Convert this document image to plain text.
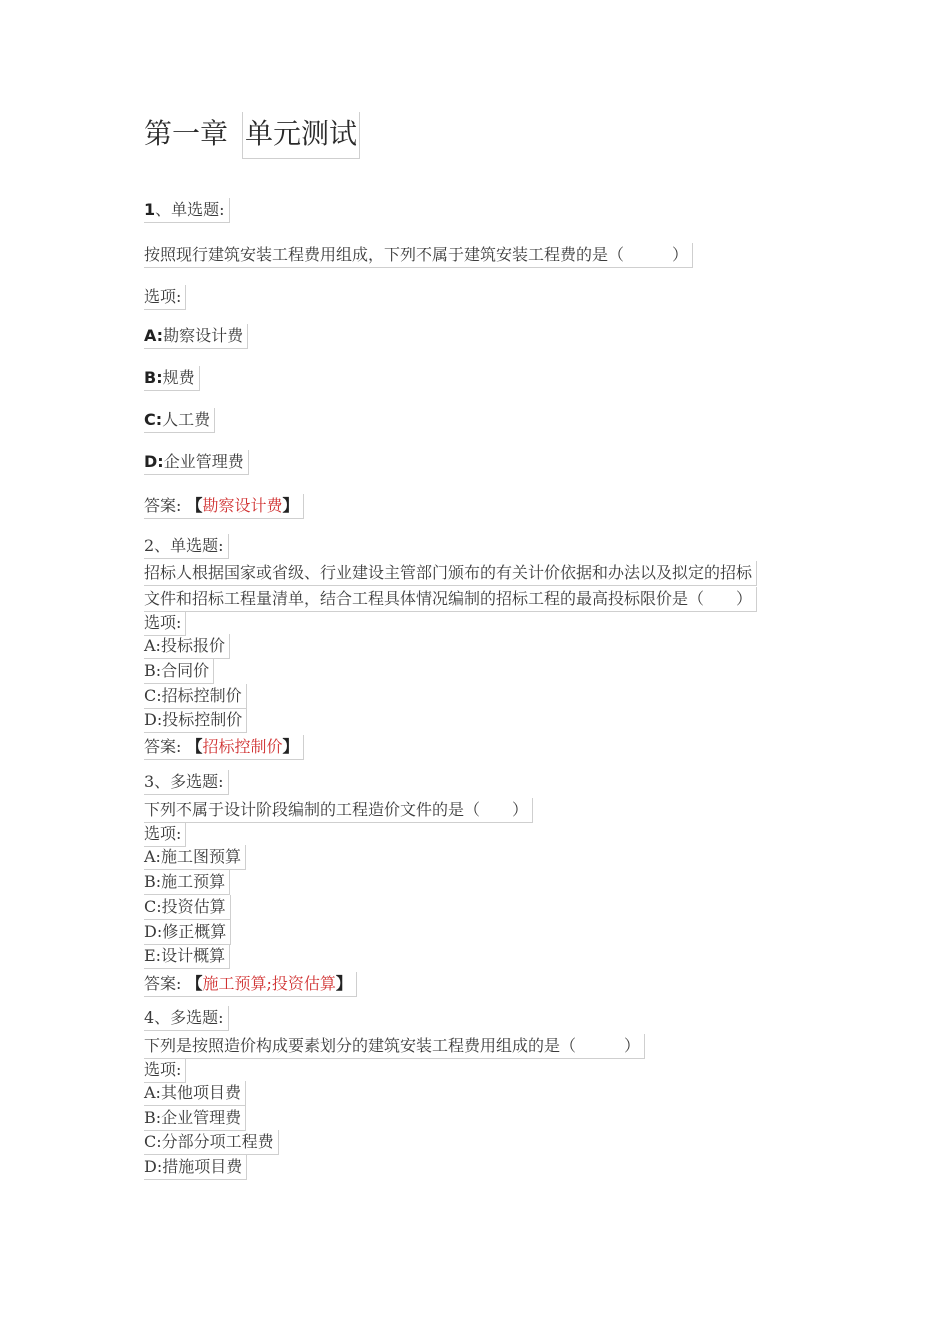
第一章 单元测试
1、单选题:
按照现行建筑安装工程费用组成，下列不属于建筑安装工程费的是（　　　）
选项:
A:勘察设计费
B:规费
C:人工费
D:企业管理费
答案: 【勘察设计费】
2、单选题:
招标人根据国家或省级、行业建设主管部门颁布的有关计价依据和办法以及拟定的招标
文件和招标工程量清单，结合工程具体情况编制的招标工程的最高投标限价是（　　）
选项:
A:投标报价
B:合同价
C:招标控制价
D:投标控制价
答案: 【招标控制价】
3、多选题:
下列不属于设计阶段编制的工程造价文件的是（　　）
选项:
A:施工图预算
B:施工预算
C:投资估算
D:修正概算
E:设计概算
答案: 【施工预算;投资估算】
4、多选题:
下列是按照造价构成要素划分的建筑安装工程费用组成的是（　　　）
选项:
A:其他项目费
B:企业管理费
C:分部分项工程费
D:措施项目费
